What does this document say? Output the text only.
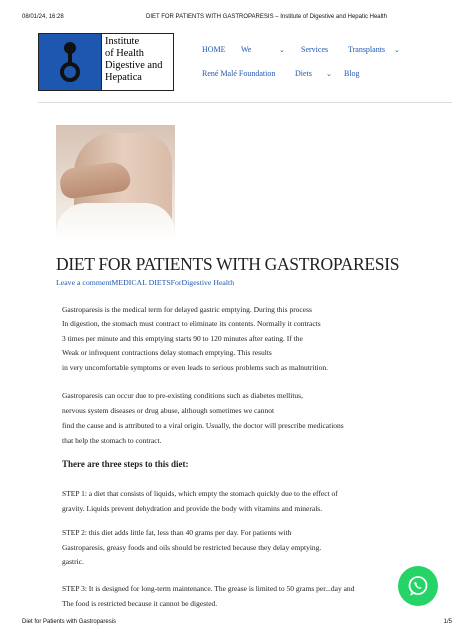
08/01/24, 16:28	DIET FOR PATIENTS WITH GASTROPARESIS – Institute of Digestive and Hepatic Health
Institute
of Health
Digestive and
Hepatica
HOME We	⌄ Services Transplants ⌄
René Malé Foundation Diets ⌄ Blog
DIET FOR PATIENTS WITH GASTROPARESIS
Leave a commentMEDICAL DIETSForDigestive Health
Gastroparesis is the medical term for delayed gastric emptying. During this process
In digestion, the stomach must contract to eliminate its contents. Normally it contracts
3 times per minute and this emptying starts 90 to 120 minutes after eating. If the
Weak or infrequent contractions delay stomach emptying. This results
in very uncomfortable symptoms or even leads to serious problems such as malnutrition.
Gastroparesis can occur due to pre-existing conditions such as diabetes mellitus,
nervous system diseases or drug abuse, although sometimes we cannot
find the cause and is attributed to a viral origin. Usually, the doctor will prescribe medications
that help the stomach to contract.
There are three steps to this diet:
STEP 1: a diet that consists of liquids, which empty the stomach quickly due to the effect of
gravity. Liquids prevent dehydration and provide the body with vitamins and minerals.
STEP 2: this diet adds little fat, less than 40 grams per day. For patients with
Gastroparesis, greasy foods and oils should be restricted because they delay emptying.
gastric.
STEP 3: It is designed for long-term maintenance. The grease is limited to 50 grams per...day and
The food is restricted because it cannot be digested.
Diet for Patients with Gastroparesis	1/5
